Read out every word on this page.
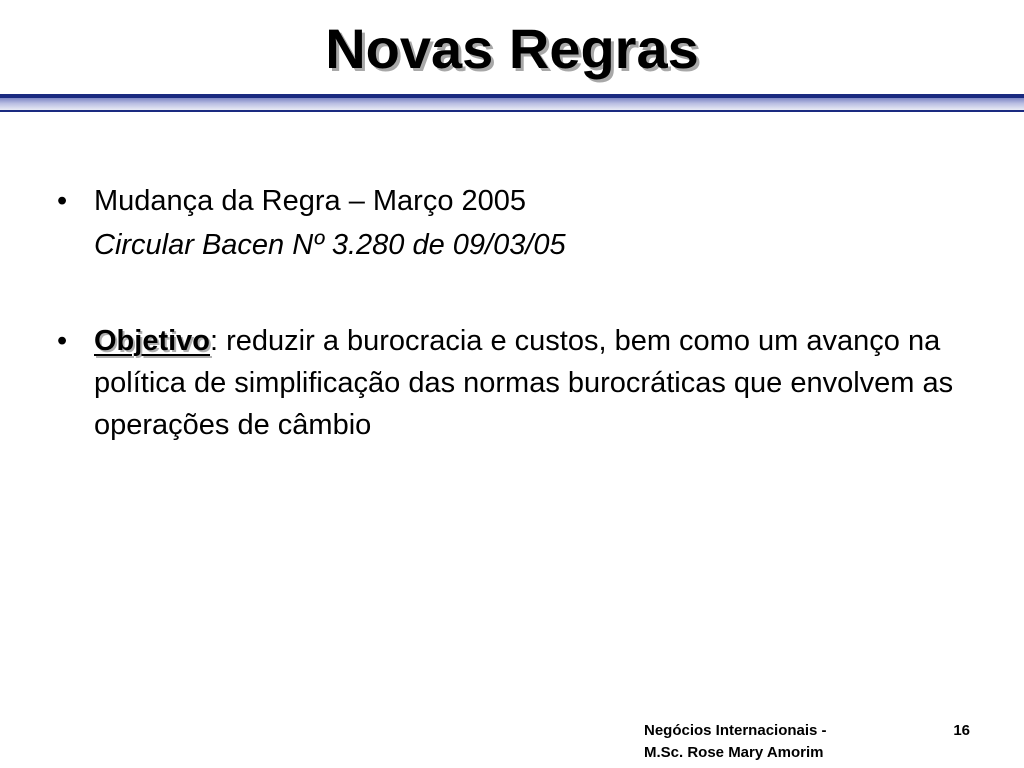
Novas Regras
• Mudança da Regra – Março 2005
Circular Bacen Nº 3.280 de 09/03/05
• Objetivo: reduzir a burocracia e custos, bem como um avanço na política de simplificação das normas burocráticas que envolvem as operações de câmbio
Negócios Internacionais -
M.Sc. Rose Mary Amorim
16
